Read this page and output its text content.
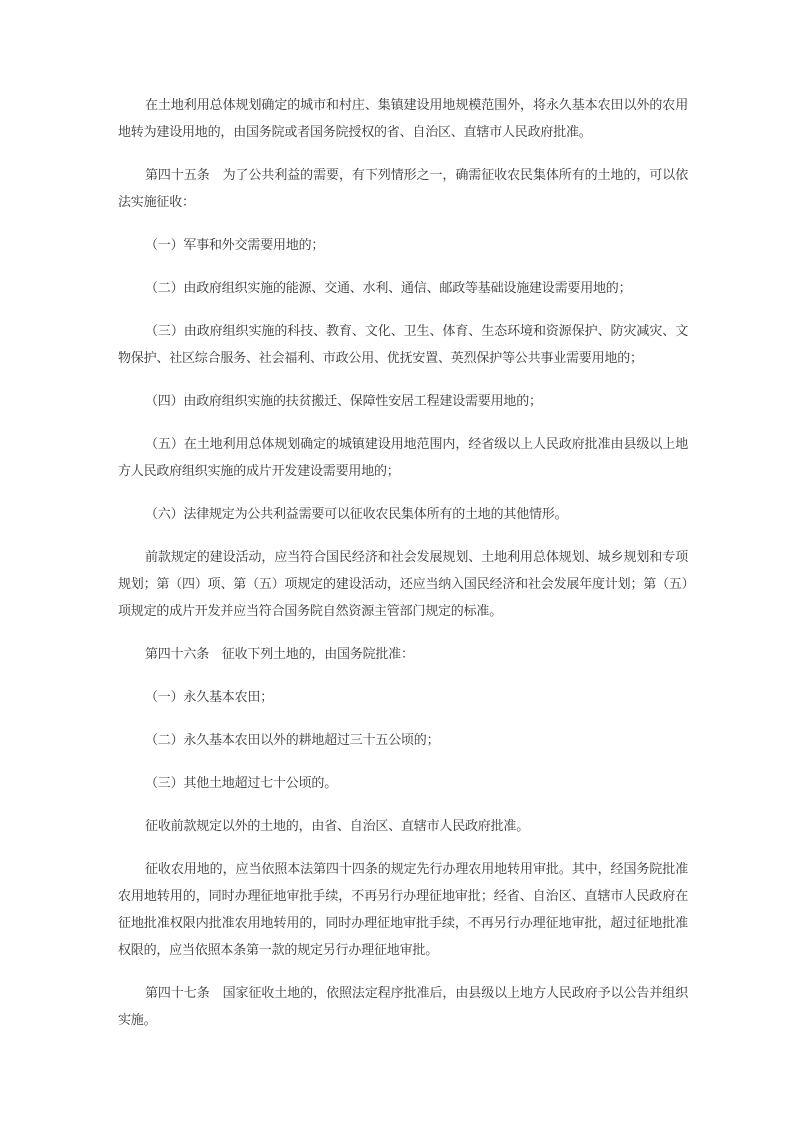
在土地利用总体规划确定的城市和村庄、集镇建设用地规模范围外，将永久基本农田以外的农用地转为建设用地的，由国务院或者国务院授权的省、自治区、直辖市人民政府批准。

第四十五条　为了公共利益的需要，有下列情形之一，确需征收农民集体所有的土地的，可以依法实施征收：

（一）军事和外交需要用地的；

（二）由政府组织实施的能源、交通、水利、通信、邮政等基础设施建设需要用地的；

（三）由政府组织实施的科技、教育、文化、卫生、体育、生态环境和资源保护、防灾减灾、文物保护、社区综合服务、社会福利、市政公用、优抚安置、英烈保护等公共事业需要用地的；

（四）由政府组织实施的扶贫搬迁、保障性安居工程建设需要用地的；

（五）在土地利用总体规划确定的城镇建设用地范围内，经省级以上人民政府批准由县级以上地方人民政府组织实施的成片开发建设需要用地的；

（六）法律规定为公共利益需要可以征收农民集体所有的土地的其他情形。

前款规定的建设活动，应当符合国民经济和社会发展规划、土地利用总体规划、城乡规划和专项规划；第（四）项、第（五）项规定的建设活动，还应当纳入国民经济和社会发展年度计划；第（五）项规定的成片开发并应当符合国务院自然资源主管部门规定的标准。

第四十六条　征收下列土地的，由国务院批准：

（一）永久基本农田；

（二）永久基本农田以外的耕地超过三十五公顷的；

（三）其他土地超过七十公顷的。

征收前款规定以外的土地的，由省、自治区、直辖市人民政府批准。

征收农用地的，应当依照本法第四十四条的规定先行办理农用地转用审批。其中，经国务院批准农用地转用的，同时办理征地审批手续，不再另行办理征地审批；经省、自治区、直辖市人民政府在征地批准权限内批准农用地转用的，同时办理征地审批手续，不再另行办理征地审批，超过征地批准权限的，应当依照本条第一款的规定另行办理征地审批。

第四十七条　国家征收土地的，依照法定程序批准后，由县级以上地方人民政府予以公告并组织实施。
